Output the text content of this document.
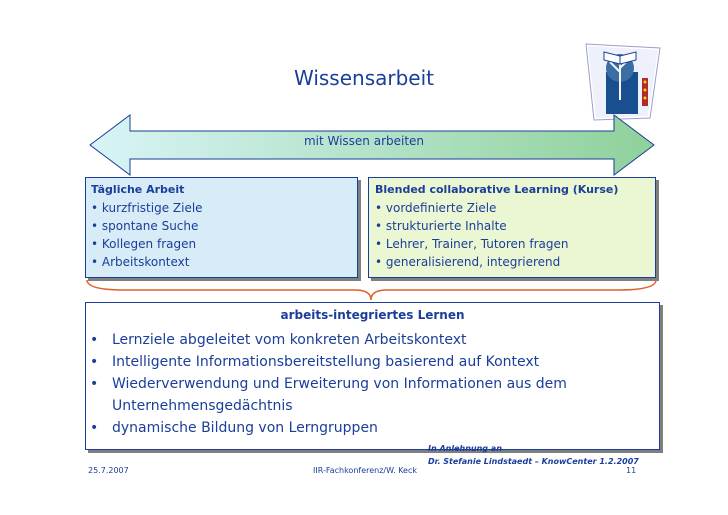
Wissensarbeit
mit Wissen arbeiten
Tägliche Arbeit
• kurzfristige Ziele
• spontane Suche
• Kollegen fragen
• Arbeitskontext
Blended collaborative Learning (Kurse)
• vordefinierte Ziele
• strukturierte Inhalte
• Lehrer, Trainer, Tutoren fragen
• generalisierend, integrierend
arbeits-integriertes Lernen
• Lernziele abgeleitet vom konkreten Arbeitskontext
• Intelligente Informationsbereitstellung basierend auf Kontext
• Wiederverwendung und Erweiterung von Informationen aus dem Unternehmensgedächtnis
• dynamische Bildung von Lerngruppen
In Anlehnung an
Dr. Stefanie Lindstaedt – KnowCenter 1.2.2007
25.7.2007	IIR-Fachkonferenz/W. Keck	11
